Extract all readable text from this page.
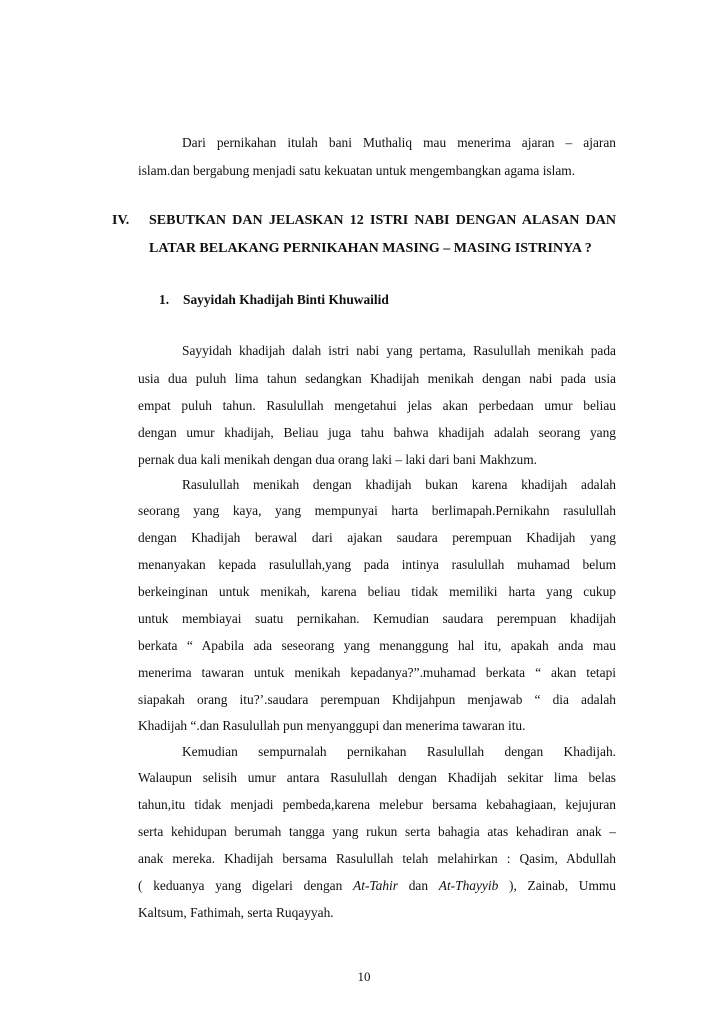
Dari pernikahan itulah bani Muthaliq mau menerima ajaran – ajaran

islam.dan bergabung menjadi satu kekuatan untuk mengembangkan agama islam.

IV. SEBUTKAN DAN JELASKAN 12 ISTRI NABI DENGAN ALASAN DAN

LATAR BELAKANG PERNIKAHAN MASING – MASING ISTRINYA ?

1. Sayyidah Khadijah Binti Khuwailid

Sayyidah khadijah dalah istri nabi yang pertama, Rasulullah menikah pada

usia dua puluh lima tahun sedangkan Khadijah menikah dengan nabi pada usia

empat puluh tahun. Rasulullah mengetahui jelas akan perbedaan umur beliau

dengan umur khadijah, Beliau juga tahu bahwa khadijah adalah seorang yang

pernak dua kali menikah dengan dua orang laki – laki dari bani Makhzum.

Rasulullah menikah dengan khadijah bukan karena khadijah adalah

seorang yang kaya, yang mempunyai harta berlimapah.Pernikahn rasulullah

dengan Khadijah berawal dari ajakan saudara perempuan Khadijah yang

menanyakan kepada rasulullah,yang pada intinya rasulullah muhamad belum

berkeinginan untuk menikah, karena beliau tidak memiliki harta yang cukup

untuk membiayai suatu pernikahan. Kemudian saudara perempuan khadijah

berkata “ Apabila ada seseorang yang menanggung hal itu, apakah anda mau

menerima tawaran untuk menikah kepadanya?”.muhamad berkata “ akan tetapi

siapakah orang itu?’.saudara perempuan Khdijahpun menjawab “ dia adalah

Khadijah “.dan Rasulullah pun menyanggupi dan menerima tawaran itu.

Kemudian sempurnalah pernikahan Rasulullah dengan Khadijah.

Walaupun selisih umur antara Rasulullah dengan Khadijah sekitar lima belas

tahun,itu tidak menjadi pembeda,karena melebur bersama kebahagiaan, kejujuran

serta kehidupan berumah tangga yang rukun serta bahagia atas kehadiran anak –

anak mereka. Khadijah bersama Rasulullah telah melahirkan : Qasim, Abdullah

( keduanya yang digelari dengan At-Tahir dan At-Thayyib ), Zainab, Ummu

Kaltsum, Fathimah, serta Ruqayyah.

10
